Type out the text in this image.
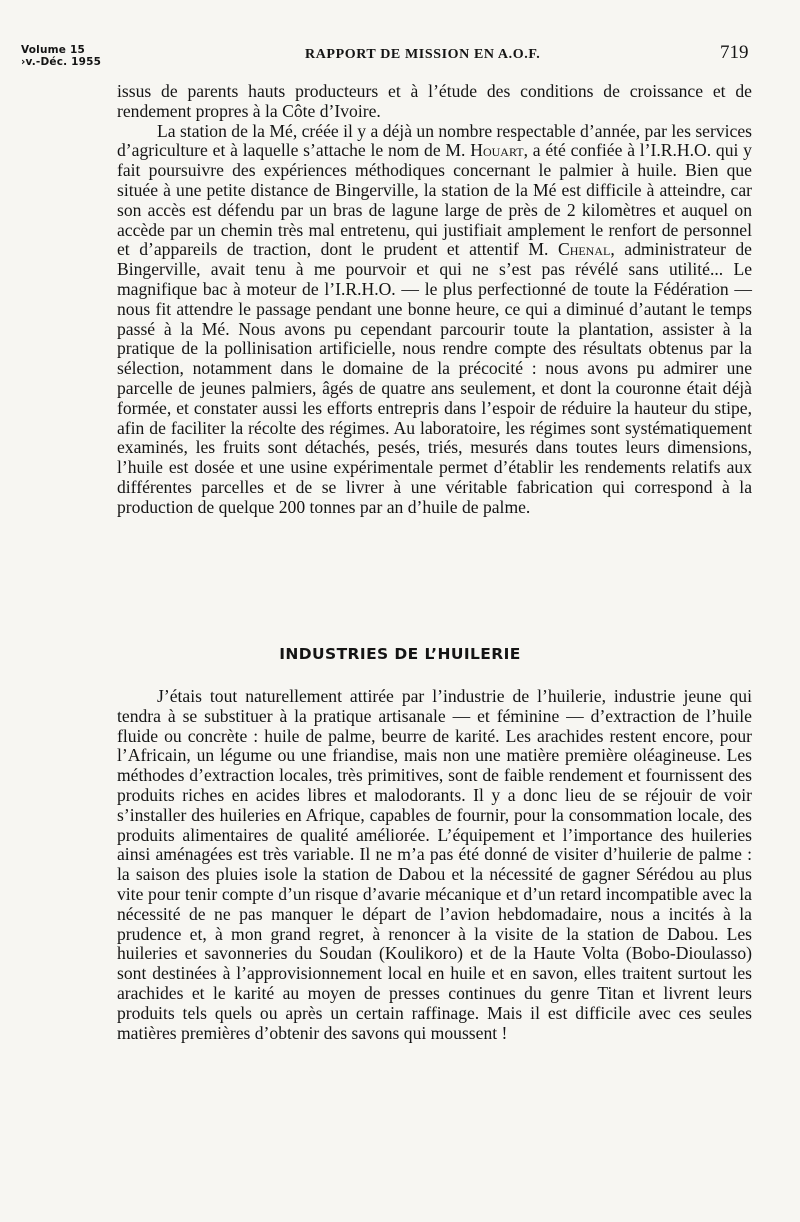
Volume 15
›v.-Déc. 1955	RAPPORT DE MISSION EN A.O.F.	719

issus de parents hauts producteurs et à l’étude des conditions de croissance et de rendement propres à la Côte d’Ivoire.

La station de la Mé, créée il y a déjà un nombre respectable d’année, par les services d’agriculture et à laquelle s’attache le nom de M. Houart, a été confiée à l’I.R.H.O. qui y fait poursuivre des expériences méthodiques concernant le palmier à huile. Bien que située à une petite distance de Bingerville, la station de la Mé est difficile à atteindre, car son accès est défendu par un bras de lagune large de près de 2 kilomètres et auquel on accède par un chemin très mal entretenu, qui justifiait amplement le renfort de personnel et d’appareils de traction, dont le prudent et attentif M. Chenal, administrateur de Bingerville, avait tenu à me pourvoir et qui ne s’est pas révélé sans utilité... Le magnifique bac à moteur de l’I.R.H.O. — le plus perfectionné de toute la Fédération — nous fit attendre le passage pendant une bonne heure, ce qui a diminué d’autant le temps passé à la Mé. Nous avons pu cependant parcourir toute la plantation, assister à la pratique de la pollinisation artificielle, nous rendre compte des résultats obtenus par la sélection, notamment dans le domaine de la précocité : nous avons pu admirer une parcelle de jeunes palmiers, âgés de quatre ans seulement, et dont la couronne était déjà formée, et constater aussi les efforts entrepris dans l’espoir de réduire la hauteur du stipe, afin de faciliter la récolte des régimes. Au laboratoire, les régimes sont systématiquement examinés, les fruits sont détachés, pesés, triés, mesurés dans toutes leurs dimensions, l’huile est dosée et une usine expérimentale permet d’établir les rendements relatifs aux différentes parcelles et de se livrer à une véritable fabrication qui correspond à la production de quelque 200 tonnes par an d’huile de palme.

INDUSTRIES DE L’HUILERIE

J’étais tout naturellement attirée par l’industrie de l’huilerie, industrie jeune qui tendra à se substituer à la pratique artisanale — et féminine — d’extraction de l’huile fluide ou concrète : huile de palme, beurre de karité. Les arachides restent encore, pour l’Africain, un légume ou une friandise, mais non une matière première oléagineuse. Les méthodes d’extraction locales, très primitives, sont de faible rendement et fournissent des produits riches en acides libres et malodorants. Il y a donc lieu de se réjouir de voir s’installer des huileries en Afrique, capables de fournir, pour la consommation locale, des produits alimentaires de qualité améliorée. L’équipement et l’importance des huileries ainsi aménagées est très variable. Il ne m’a pas été donné de visiter d’huilerie de palme : la saison des pluies isole la station de Dabou et la nécessité de gagner Sérédou au plus vite pour tenir compte d’un risque d’avarie mécanique et d’un retard incompatible avec la nécessité de ne pas manquer le départ de l’avion hebdomadaire, nous a incités à la prudence et, à mon grand regret, à renoncer à la visite de la station de Dabou. Les huileries et savonneries du Soudan (Koulikoro) et de la Haute Volta (Bobo-Dioulasso) sont destinées à l’approvisionnement local en huile et en savon, elles traitent surtout les arachides et le karité au moyen de presses continues du genre Titan et livrent leurs produits tels quels ou après un certain raffinage. Mais il est difficile avec ces seules matières premières d’obtenir des savons qui moussent !
